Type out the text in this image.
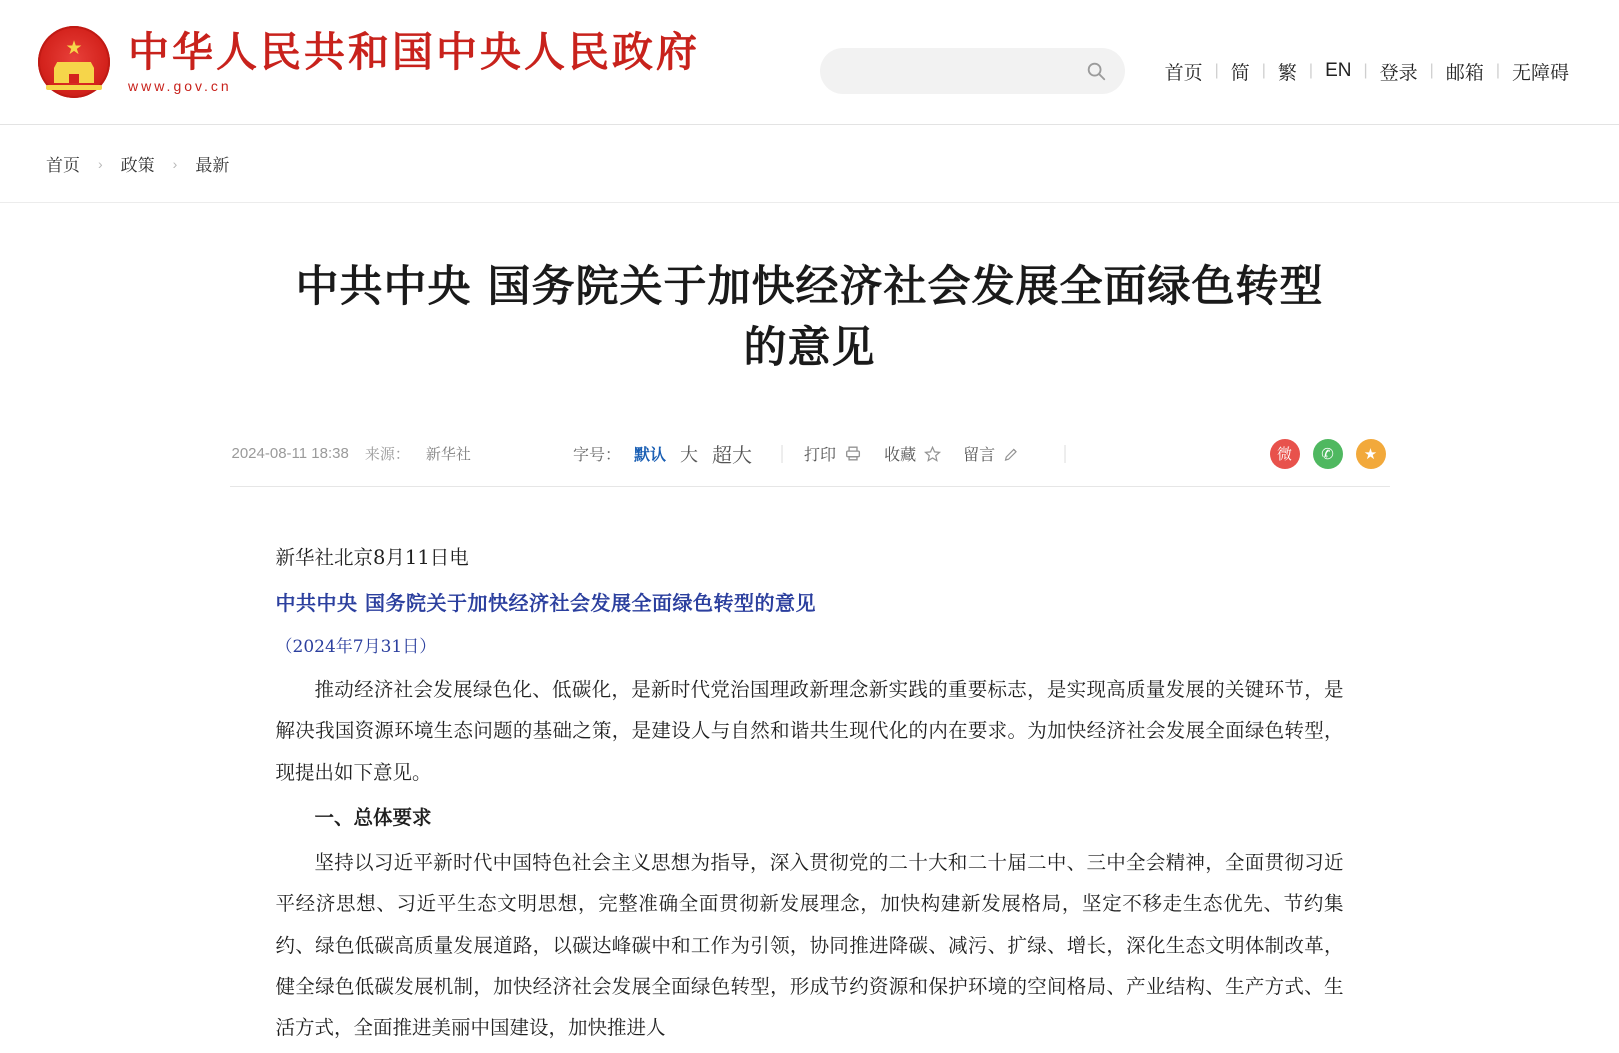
★ 中华人民共和国中央人民政府
www.gov.cn
首页 | 简 | 繁 | EN | 登录 | 邮箱 | 无障碍
首页 › 政策 › 最新
中共中央 国务院关于加快经济社会发展全面绿色转型的意见
2024-08-11 18:38 来源： 新华社	字号： 默认 大 超大	打印	收藏	留言	微	✆	★

新华社北京8月11日电

中共中央 国务院关于加快经济社会发展全面绿色转型的意见

（2024年7月31日）

推动经济社会发展绿色化、低碳化，是新时代党治国理政新理念新实践的重要标志，是实现高质量发展的关键环节，是解决我国资源环境生态问题的基础之策，是建设人与自然和谐共生现代化的内在要求。为加快经济社会发展全面绿色转型，现提出如下意见。

一、总体要求

坚持以习近平新时代中国特色社会主义思想为指导，深入贯彻党的二十大和二十届二中、三中全会精神，全面贯彻习近平经济思想、习近平生态文明思想，完整准确全面贯彻新发展理念，加快构建新发展格局，坚定不移走生态优先、节约集约、绿色低碳高质量发展道路，以碳达峰碳中和工作为引领，协同推进降碳、减污、扩绿、增长，深化生态文明体制改革，健全绿色低碳发展机制，加快经济社会发展全面绿色转型，形成节约资源和保护环境的空间格局、产业结构、生产方式、生活方式，全面推进美丽中国建设，加快推进人
